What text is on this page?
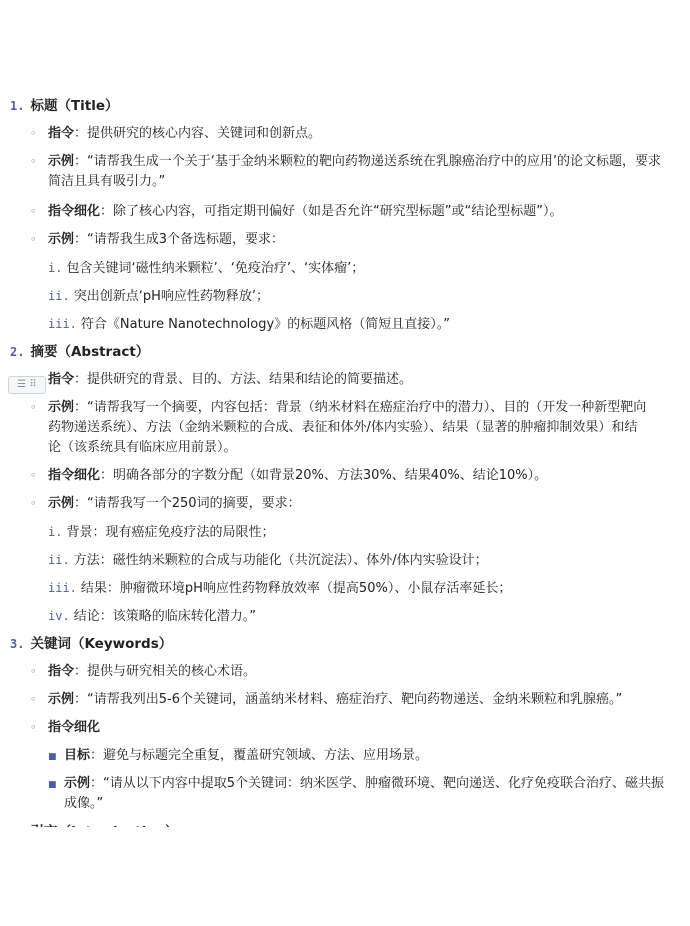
1. 标题（Title）
◦ 指令：提供研究的核心内容、关键词和创新点。
◦ 示例：“请帮我生成一个关于‘基于金纳米颗粒的靶向药物递送系统在乳腺癌治疗中的应用’的论文标题，要求
简洁且具有吸引力。”
◦ 指令细化：除了核心内容，可指定期刊偏好（如是否允许“研究型标题”或“结论型标题”）。
◦ 示例：“请帮我生成3个备选标题，要求：
i. 包含关键词‘磁性纳米颗粒’、‘免疫治疗’、‘实体瘤’；
ii. 突出创新点‘pH响应性药物释放’；
iii. 符合《Nature Nanotechnology》的标题风格（简短且直接）。”
2. 摘要（Abstract）
☰ ⠿ 指令：提供研究的背景、目的、方法、结果和结论的简要描述。
◦ 示例：“请帮我写一个摘要，内容包括：背景（纳米材料在癌症治疗中的潜力）、目的（开发一种新型靶向
药物递送系统）、方法（金纳米颗粒的合成、表征和体外/体内实验）、结果（显著的肿瘤抑制效果）和结
论（该系统具有临床应用前景）。
◦ 指令细化：明确各部分的字数分配（如背景20%、方法30%、结果40%、结论10%）。
◦ 示例：“请帮我写一个250词的摘要，要求：
i. 背景：现有癌症免疫疗法的局限性；
ii. 方法：磁性纳米颗粒的合成与功能化（共沉淀法）、体外/体内实验设计；
iii. 结果：肿瘤微环境pH响应性药物释放效率（提高50%）、小鼠存活率延长；
iv. 结论：该策略的临床转化潜力。”
3. 关键词（Keywords）
◦ 指令：提供与研究相关的核心术语。
◦ 示例：“请帮我列出5-6个关键词，涵盖纳米材料、癌症治疗、靶向药物递送、金纳米颗粒和乳腺癌。”
◦ 指令细化
■ 目标：避免与标题完全重复，覆盖研究领域、方法、应用场景。
■ 示例：“请从以下内容中提取5个关键词：纳米医学、肿瘤微环境、靶向递送、化疗免疫联合治疗、磁共振
成像。”
